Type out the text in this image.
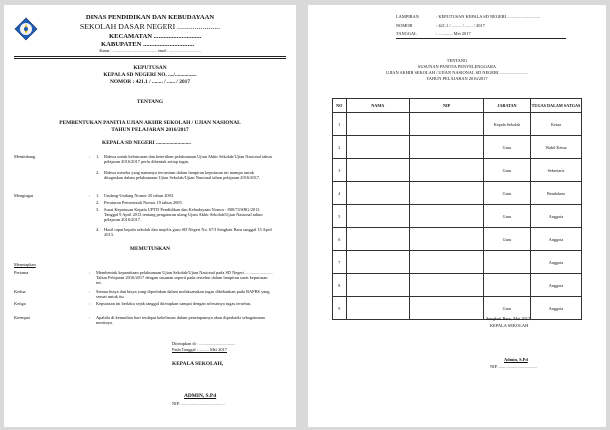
DINAS PENDIDIKAN DAN KEBUDAYAAN
SEKOLAH DASAR NEGERI ......................
KECAMATAN .............................
KABUPATEN ...............................
Alamat : .................................................. email : ....................................
KEPUTUSAN
KEPALA SD NEGERI NO. ..../................
NOMOR : 421.1 / ........ / ...... / 2017
TENTANG
PEMBENTUKAN PANITIA UJIAN AKHIR SEKOLAH / UJIAN NASIONAL
TAHUN PELAJARAN 2016/2017
KEPALA SD NEGERI ..........................
Menimbang	: 1. Bahwa untuk kelancaran dan ketertiban pelaksanaan Ujian Akhir Sekolah/Ujian Nasional tahun pelajaran 2016/2017 perlu dibentuk setiap tugas.
2. Bahwa mereka yang namanya tercantum dalam lampiran keputusan ini mampu untuk ditugaskan dalam pelaksanaan Ujian Sekolah/Ujian Nasional tahun pelajaran 2016/2017.
Mengingat	: 1. Undang-Undang Nomor 20 tahun 2003.
2. Peraturan Pemerintah Nomor 19 tahun 2005.
3. Surat Keputusan Kepala UPTD Pendidikan dan Kebudayaan Nomor : 800/73/SRG/2013 Tanggal 9 April 2013 tentang pengaturan ulang Ujian Akhir Sekolah/Ujian Nasional tahun pelajaran 2016/2017.
4. Hasil rapat kepala sekolah dan majelis guru SD Negeri No. 67/I Sengkati Baru tanggal 15 April 2013.
MEMUTUSKAN
Menetapkan
Pertama	: Membentuk kepanitiaan pelaksanaan Ujian Sekolah/Ujian Nasional pada SD Negeri ......................... Tahun Pelajaran 2016/2017 dengan susunan seperti pada tersebut dalam lampiran surat keputusan ini.
Kedua	: Semua biaya dan biaya yang diperlukan dalam melaksanakan tugas dibebankan pada RAPBS yang sesuai untuk itu.
Ketiga	: Keputusan ini berlaku sejak tanggal ditetapkan sampai dengan selesainya tugas tersebut.
Keempat	: Apabila di kemudian hari terdapat kekeliruan dalam penetapannya akan diperbaiki sebagaimana mestinya.
Ditetapkan di : .................................
Pada Tanggal : ......... Mei 2017
KEPALA SEKOLAH,
ADMIN, S.Pd
NIP. ........................................
LAMPIRAN	: KEPUTUSAN KEPALA SD NEGERI ..............................
NOMOR	: 421.1 / ......... / ....... / 2017
TANGGAL	: ............. Mei 2017
TENTANG
SUSUNAN PANITIA PENYELENGGARA
UJIAN AKHIR SEKOLAH / UJIAN NASIONAL SD NEGERI ..........................
TAHUN PELAJARAN 2016/2017
NO	NAMA	NIP	JABATAN	TUGAS DALAM SATGAS
1			Kepala Sekolah	Ketua
2			Guru	Wakil Ketua
3			Guru	Sekretaris
4			Guru	Bendahara
5			Guru	Anggota
6			Guru	Anggota
7				Anggota
8				Anggota
9			Guru	Anggota
Sengkati Baru, Mei 2017
KEPALA SEKOLAH
Admin, S.Pd
NIP. ...................................
